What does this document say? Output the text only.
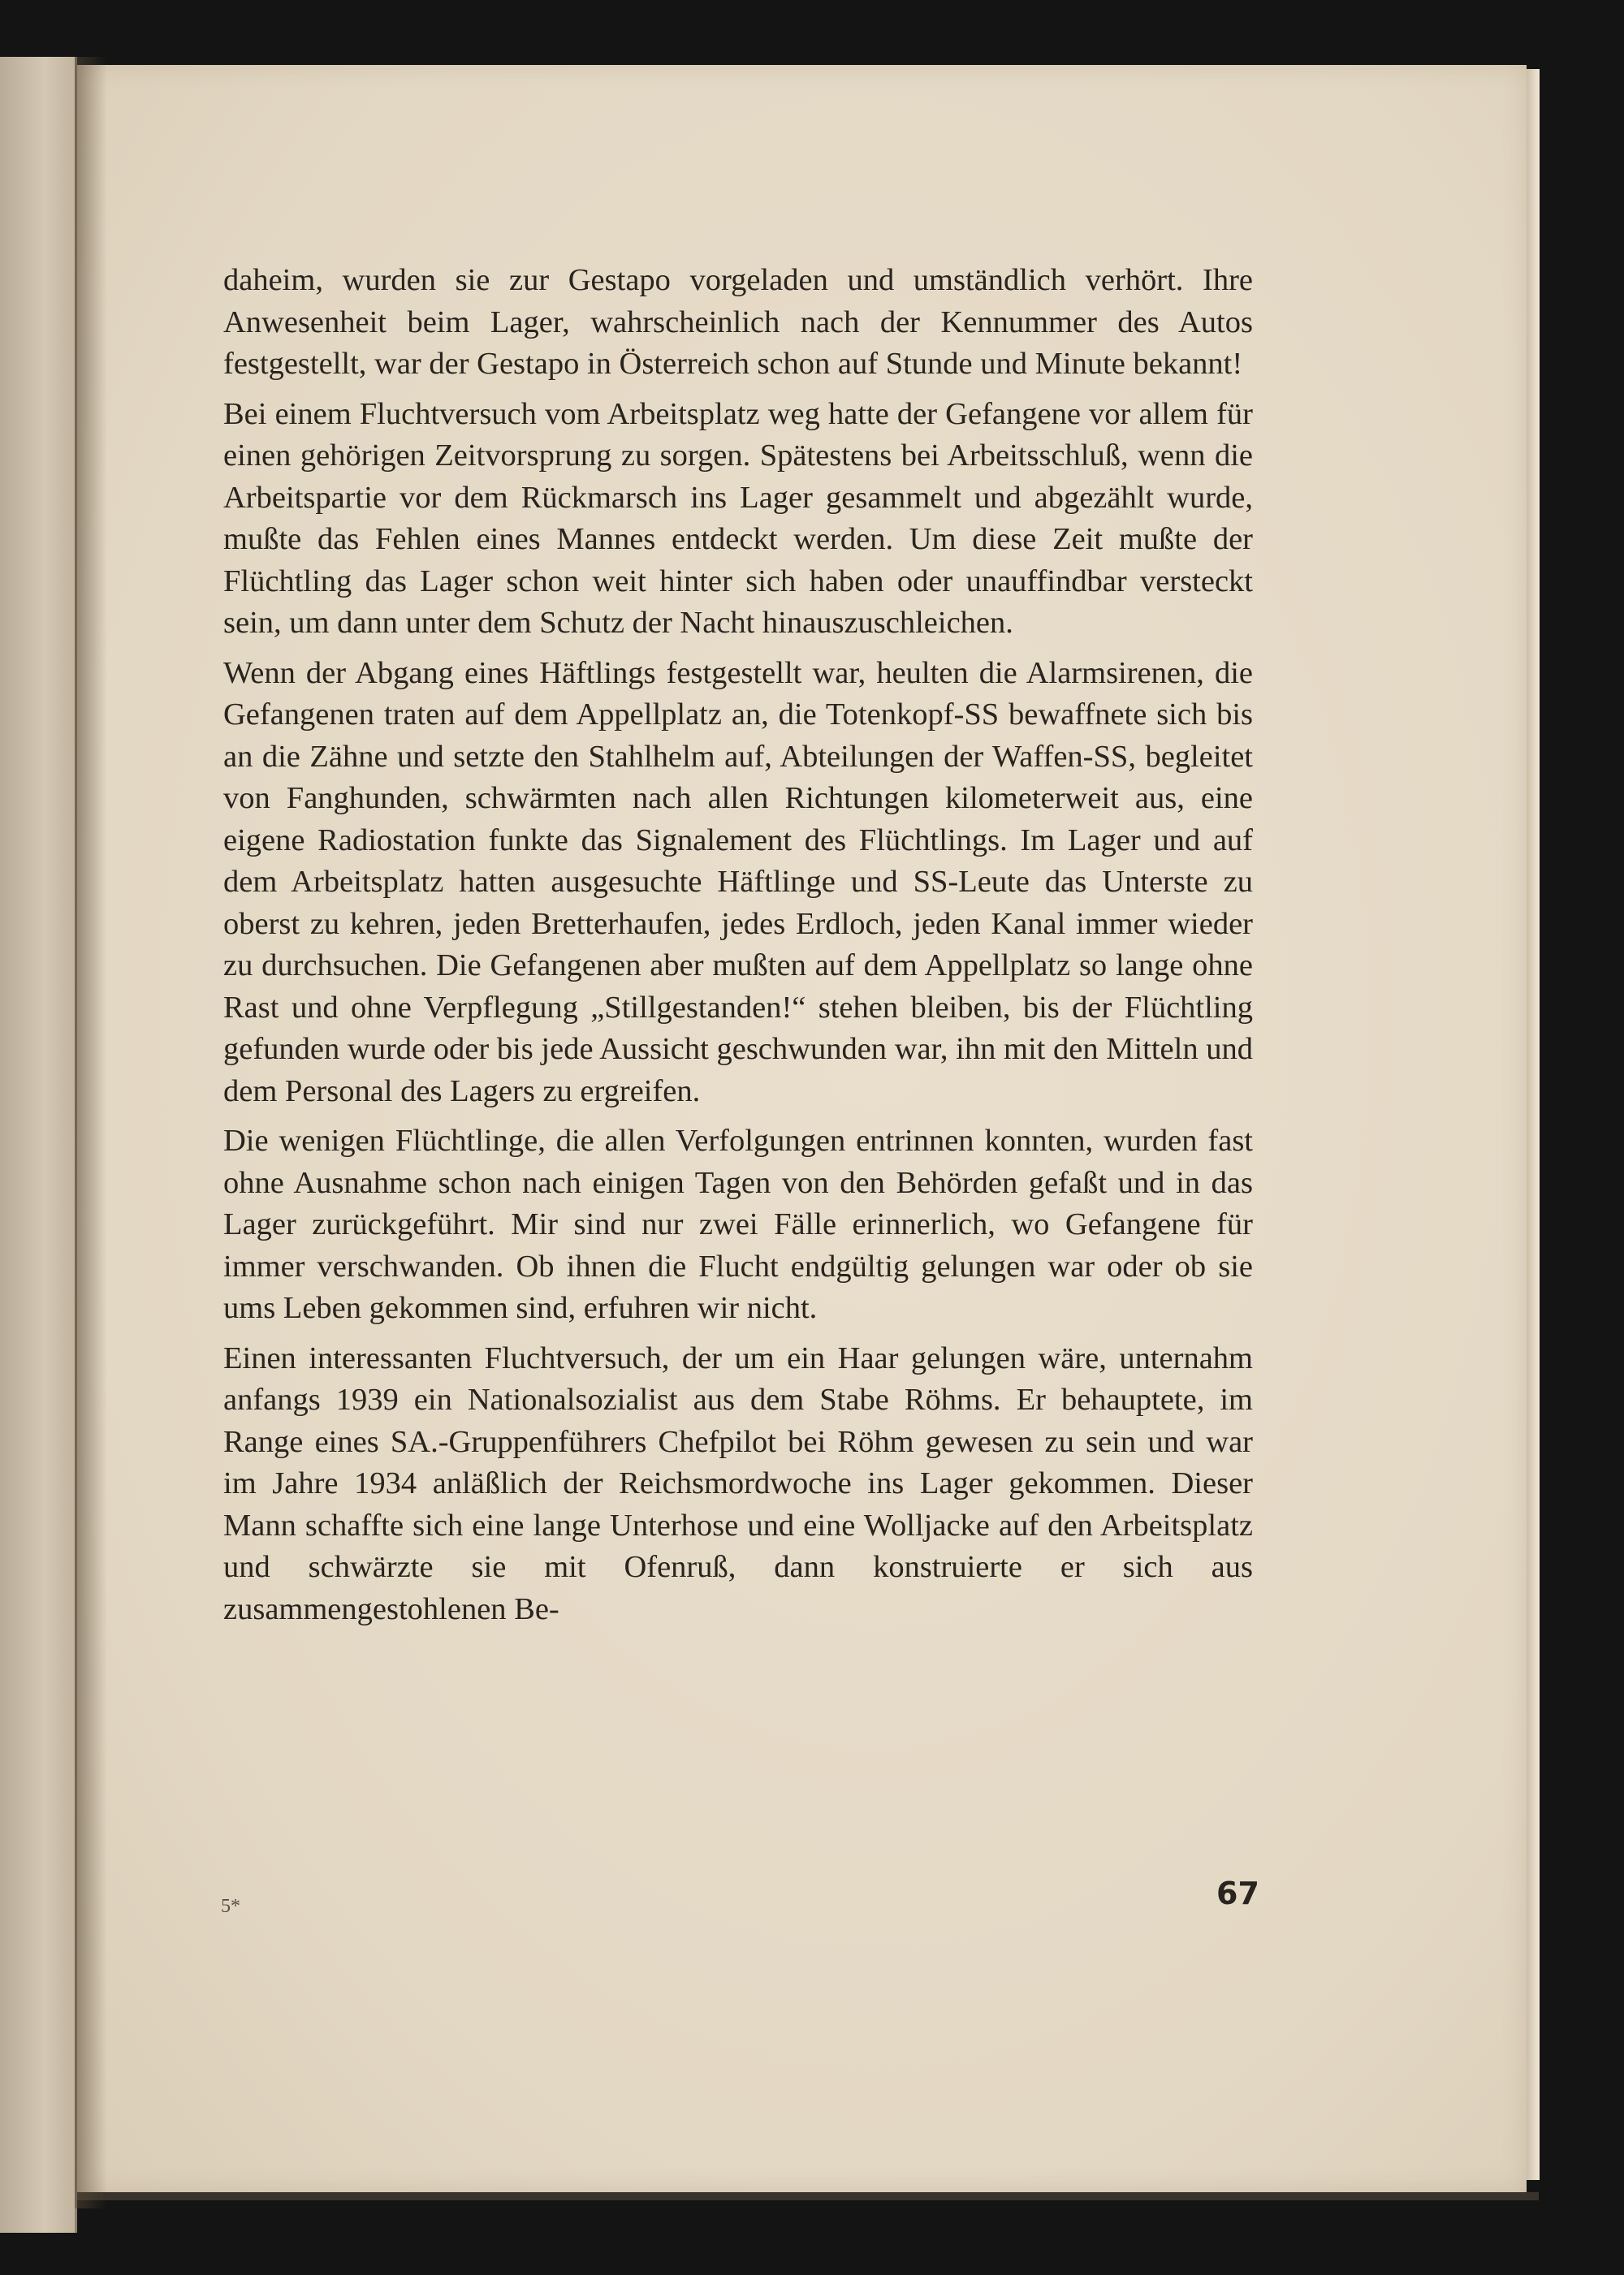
daheim, wurden sie zur Gestapo vorgeladen und umständlich verhört. Ihre Anwesenheit beim Lager, wahrscheinlich nach der Kennummer des Autos festgestellt, war der Gestapo in Österreich schon auf Stunde und Minute bekannt!

Bei einem Fluchtversuch vom Arbeitsplatz weg hatte der Gefangene vor allem für einen gehörigen Zeitvorsprung zu sorgen. Spätestens bei Arbeitsschluß, wenn die Arbeitspartie vor dem Rückmarsch ins Lager gesammelt und abgezählt wurde, mußte das Fehlen eines Mannes entdeckt werden. Um diese Zeit mußte der Flüchtling das Lager schon weit hinter sich haben oder unauffindbar versteckt sein, um dann unter dem Schutz der Nacht hinauszuschleichen.

Wenn der Abgang eines Häftlings festgestellt war, heulten die Alarmsirenen, die Gefangenen traten auf dem Appellplatz an, die Totenkopf-SS bewaffnete sich bis an die Zähne und setzte den Stahlhelm auf, Abteilungen der Waffen-SS, begleitet von Fanghunden, schwärmten nach allen Richtungen kilometerweit aus, eine eigene Radiostation funkte das Signalement des Flüchtlings. Im Lager und auf dem Arbeitsplatz hatten ausgesuchte Häftlinge und SS-Leute das Unterste zu oberst zu kehren, jeden Bretterhaufen, jedes Erdloch, jeden Kanal immer wieder zu durchsuchen. Die Gefangenen aber mußten auf dem Appellplatz so lange ohne Rast und ohne Verpflegung „Stillgestanden!“ stehen bleiben, bis der Flüchtling gefunden wurde oder bis jede Aussicht geschwunden war, ihn mit den Mitteln und dem Personal des Lagers zu ergreifen.

Die wenigen Flüchtlinge, die allen Verfolgungen entrinnen konnten, wurden fast ohne Ausnahme schon nach einigen Tagen von den Behörden gefaßt und in das Lager zurückgeführt. Mir sind nur zwei Fälle erinnerlich, wo Gefangene für immer verschwanden. Ob ihnen die Flucht endgültig gelungen war oder ob sie ums Leben gekommen sind, erfuhren wir nicht.

Einen interessanten Fluchtversuch, der um ein Haar gelungen wäre, unternahm anfangs 1939 ein Nationalsozialist aus dem Stabe Röhms. Er behauptete, im Range eines SA.-Gruppenführers Chefpilot bei Röhm gewesen zu sein und war im Jahre 1934 anläßlich der Reichsmordwoche ins Lager gekommen. Dieser Mann schaffte sich eine lange Unterhose und eine Wolljacke auf den Arbeitsplatz und schwärzte sie mit Ofenruß, dann konstruierte er sich aus zusammengestohlenen Be-

5*	67
